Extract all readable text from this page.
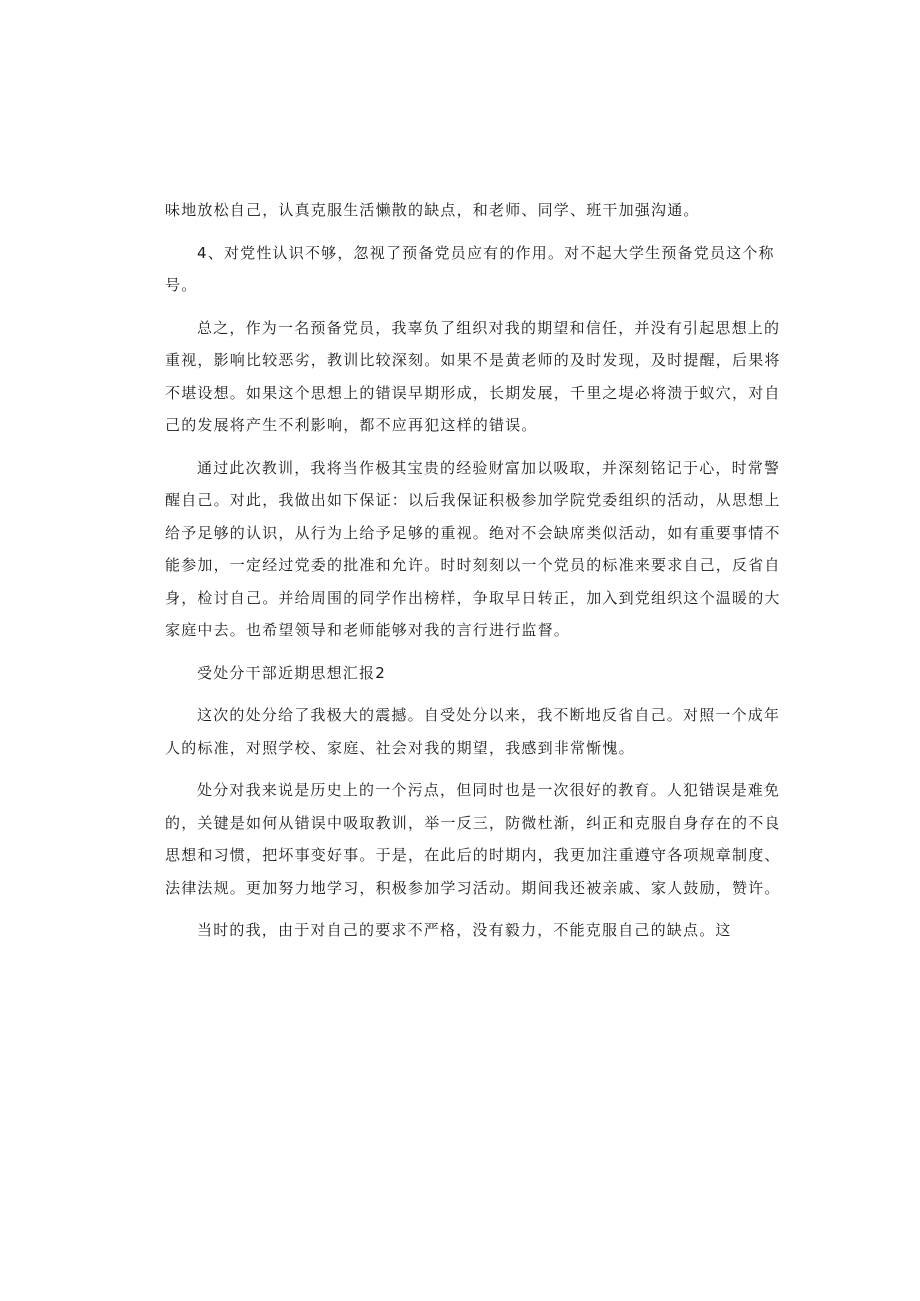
味地放松自己，认真克服生活懒散的缺点，和老师、同学、班干加强沟通。

4、对党性认识不够，忽视了预备党员应有的作用。对不起大学生预备党员这个称
号。

总之，作为一名预备党员，我辜负了组织对我的期望和信任，并没有引起思想上的
重视，影响比较恶劣，教训比较深刻。如果不是黄老师的及时发现，及时提醒，后果将
不堪设想。如果这个思想上的错误早期形成，长期发展，千里之堤必将溃于蚁穴，对自
己的发展将产生不利影响，都不应再犯这样的错误。

通过此次教训，我将当作极其宝贵的经验财富加以吸取，并深刻铭记于心，时常警
醒自己。对此，我做出如下保证：以后我保证积极参加学院党委组织的活动，从思想上
给予足够的认识，从行为上给予足够的重视。绝对不会缺席类似活动，如有重要事情不
能参加，一定经过党委的批准和允许。时时刻刻以一个党员的标准来要求自己，反省自
身，检讨自己。并给周围的同学作出榜样，争取早日转正，加入到党组织这个温暖的大
家庭中去。也希望领导和老师能够对我的言行进行监督。

受处分干部近期思想汇报2

这次的处分给了我极大的震撼。自受处分以来，我不断地反省自己。对照一个成年
人的标准，对照学校、家庭、社会对我的期望，我感到非常惭愧。

处分对我来说是历史上的一个污点，但同时也是一次很好的教育。人犯错误是难免
的，关键是如何从错误中吸取教训，举一反三，防微杜渐，纠正和克服自身存在的不良
思想和习惯，把坏事变好事。于是，在此后的时期内，我更加注重遵守各项规章制度、
法律法规。更加努力地学习，积极参加学习活动。期间我还被亲戚、家人鼓励，赞许。

当时的我，由于对自己的要求不严格，没有毅力，不能克服自己的缺点。这
